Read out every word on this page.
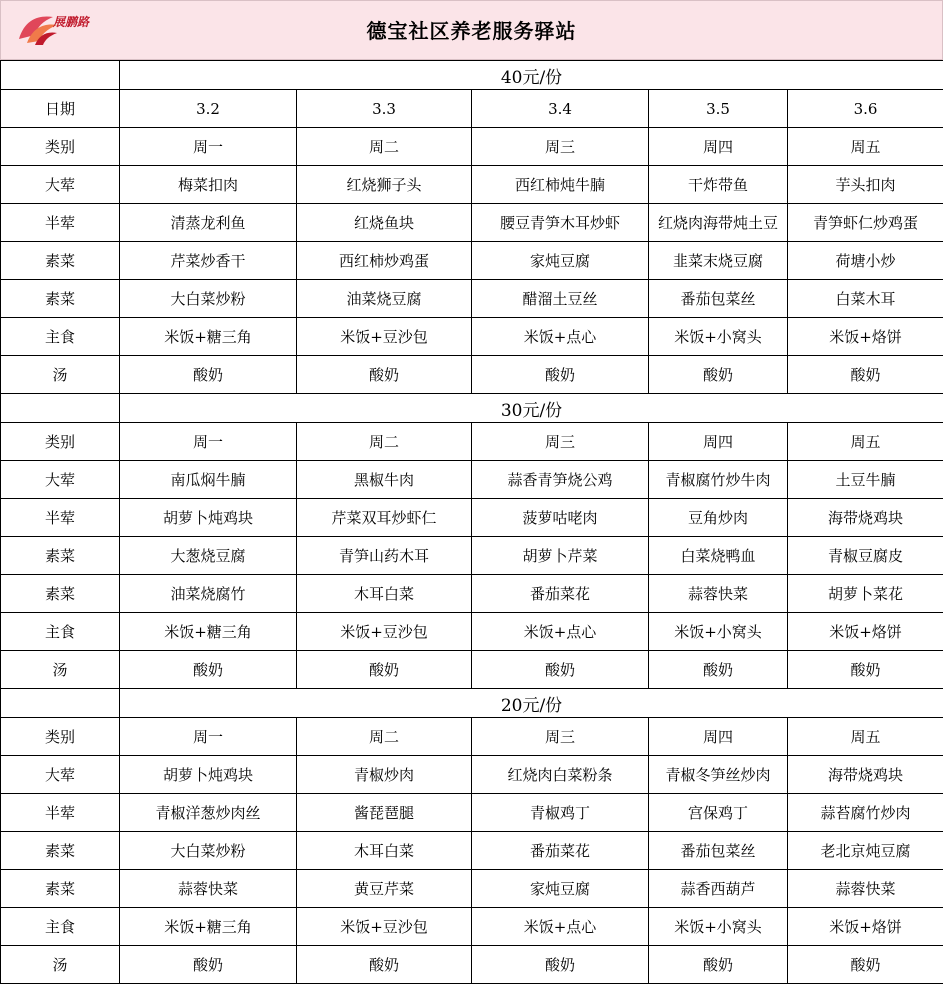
展鹏路	德宝社区养老服务驿站
	40元/份				
日期	3.2	3.3	3.4	3.5	3.6
类别	周一	周二	周三	周四	周五
大荤	梅菜扣肉	红烧狮子头	西红柿炖牛腩	干炸带鱼	芋头扣肉
半荤	清蒸龙利鱼	红烧鱼块	腰豆青笋木耳炒虾	红烧肉海带炖土豆	青笋虾仁炒鸡蛋
素菜	芹菜炒香干	西红柿炒鸡蛋	家炖豆腐	韭菜末烧豆腐	荷塘小炒
素菜	大白菜炒粉	油菜烧豆腐	醋溜土豆丝	番茄包菜丝	白菜木耳
主食	米饭+糖三角	米饭+豆沙包	米饭+点心	米饭+小窝头	米饭+烙饼
汤	酸奶	酸奶	酸奶	酸奶	酸奶
	30元/份				
类别	周一	周二	周三	周四	周五
大荤	南瓜焖牛腩	黑椒牛肉	蒜香青笋烧公鸡	青椒腐竹炒牛肉	土豆牛腩
半荤	胡萝卜炖鸡块	芹菜双耳炒虾仁	菠萝咕咾肉	豆角炒肉	海带烧鸡块
素菜	大葱烧豆腐	青笋山药木耳	胡萝卜芹菜	白菜烧鸭血	青椒豆腐皮
素菜	油菜烧腐竹	木耳白菜	番茄菜花	蒜蓉快菜	胡萝卜菜花
主食	米饭+糖三角	米饭+豆沙包	米饭+点心	米饭+小窝头	米饭+烙饼
汤	酸奶	酸奶	酸奶	酸奶	酸奶
	20元/份				
类别	周一	周二	周三	周四	周五
大荤	胡萝卜炖鸡块	青椒炒肉	红烧肉白菜粉条	青椒冬笋丝炒肉	海带烧鸡块
半荤	青椒洋葱炒肉丝	酱琵琶腿	青椒鸡丁	宫保鸡丁	蒜苔腐竹炒肉
素菜	大白菜炒粉	木耳白菜	番茄菜花	番茄包菜丝	老北京炖豆腐
素菜	蒜蓉快菜	黄豆芹菜	家炖豆腐	蒜香西葫芦	蒜蓉快菜
主食	米饭+糖三角	米饭+豆沙包	米饭+点心	米饭+小窝头	米饭+烙饼
汤	酸奶	酸奶	酸奶	酸奶	酸奶
